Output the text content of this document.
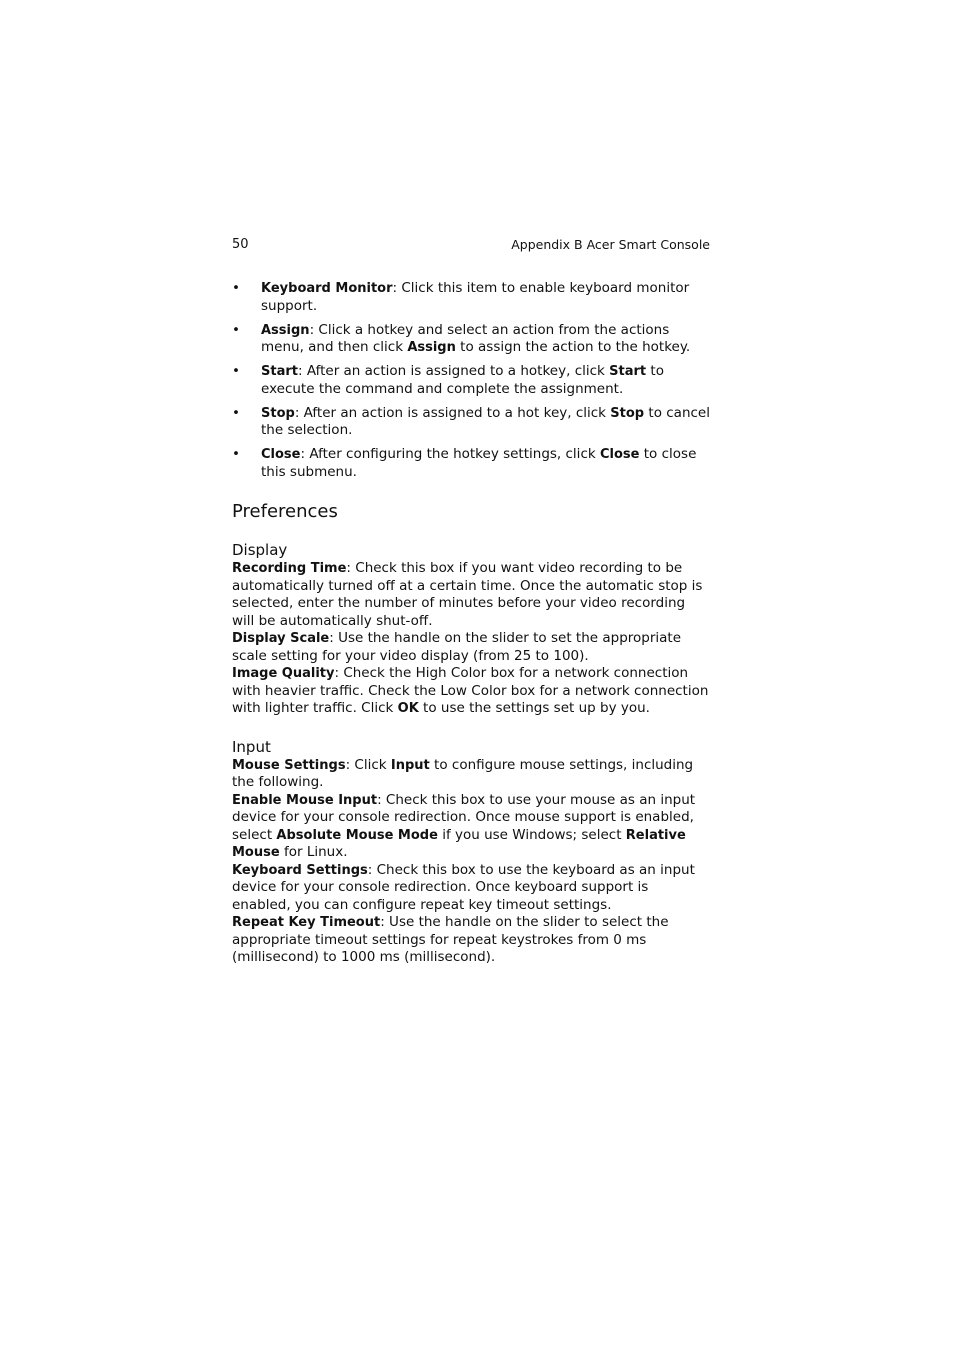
50	Appendix B Acer Smart Console
• Keyboard Monitor: Click this item to enable keyboard monitor support.
• Assign: Click a hotkey and select an action from the actions menu, and then click Assign to assign the action to the hotkey.
• Start: After an action is assigned to a hotkey, click Start to execute the command and complete the assignment.
• Stop: After an action is assigned to a hot key, click Stop to cancel the selection.
• Close: After configuring the hotkey settings, click Close to close this submenu.
Preferences
Display

Recording Time: Check this box if you want video recording to be automatically turned off at a certain time. Once the automatic stop is selected, enter the number of minutes before your video recording will be automatically shut-off.

Display Scale: Use the handle on the slider to set the appropriate scale setting for your video display (from 25 to 100).

Image Quality: Check the High Color box for a network connection with heavier traffic. Check the Low Color box for a network connection with lighter traffic. Click OK to use the settings set up by you.

Input

Mouse Settings: Click Input to configure mouse settings, including the following.

Enable Mouse Input: Check this box to use your mouse as an input device for your console redirection. Once mouse support is enabled, select Absolute Mouse Mode if you use Windows; select Relative Mouse for Linux.

Keyboard Settings: Check this box to use the keyboard as an input device for your console redirection. Once keyboard support is enabled, you can configure repeat key timeout settings.

Repeat Key Timeout: Use the handle on the slider to select the appropriate timeout settings for repeat keystrokes from 0 ms (millisecond) to 1000 ms (millisecond).
